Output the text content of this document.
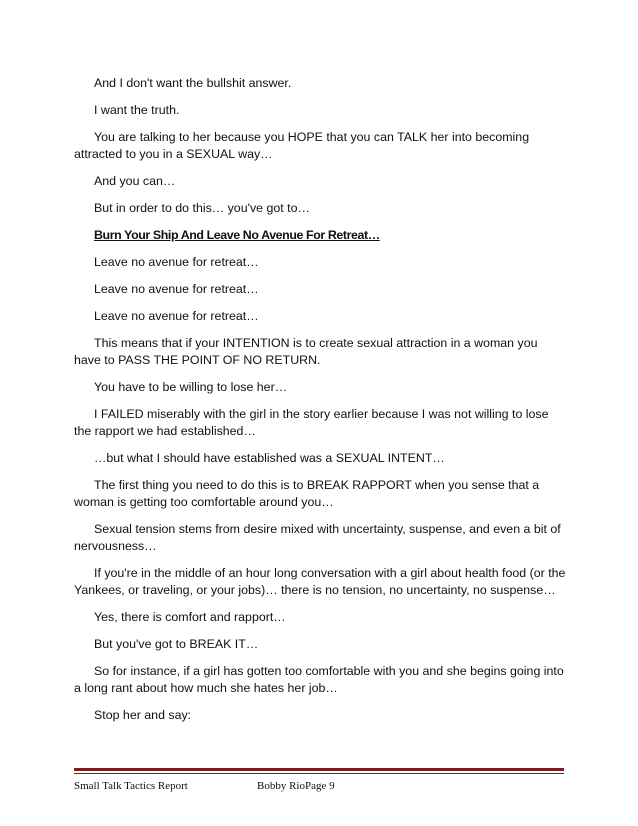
And I don't want the bullshit answer.

I want the truth.

You are talking to her because you HOPE that you can TALK her into becoming attracted to you in a SEXUAL way…

And you can…

But in order to do this… you've got to…

Burn Your Ship And Leave No Avenue For Retreat…

Leave no avenue for retreat…

Leave no avenue for retreat…

Leave no avenue for retreat…

This means that if your INTENTION is to create sexual attraction in a woman you have to PASS THE POINT OF NO RETURN.

You have to be willing to lose her…

I FAILED miserably with the girl in the story earlier because I was not willing to lose the rapport we had established…

…but what I should have established was a SEXUAL INTENT…

The first thing you need to do this is to BREAK RAPPORT when you sense that a woman is getting too comfortable around you…

Sexual tension stems from desire mixed with uncertainty, suspense, and even a bit of nervousness…

If you're in the middle of an hour long conversation with a girl about health food (or the Yankees, or traveling, or your jobs)… there is no tension, no uncertainty, no suspense…

Yes, there is comfort and rapport…

But you've got to BREAK IT…

So for instance, if a girl has gotten too comfortable with you and she begins going into a long rant about how much she hates her job…

Stop her and say:

Small Talk Tactics Report	Bobby RioPage 9
